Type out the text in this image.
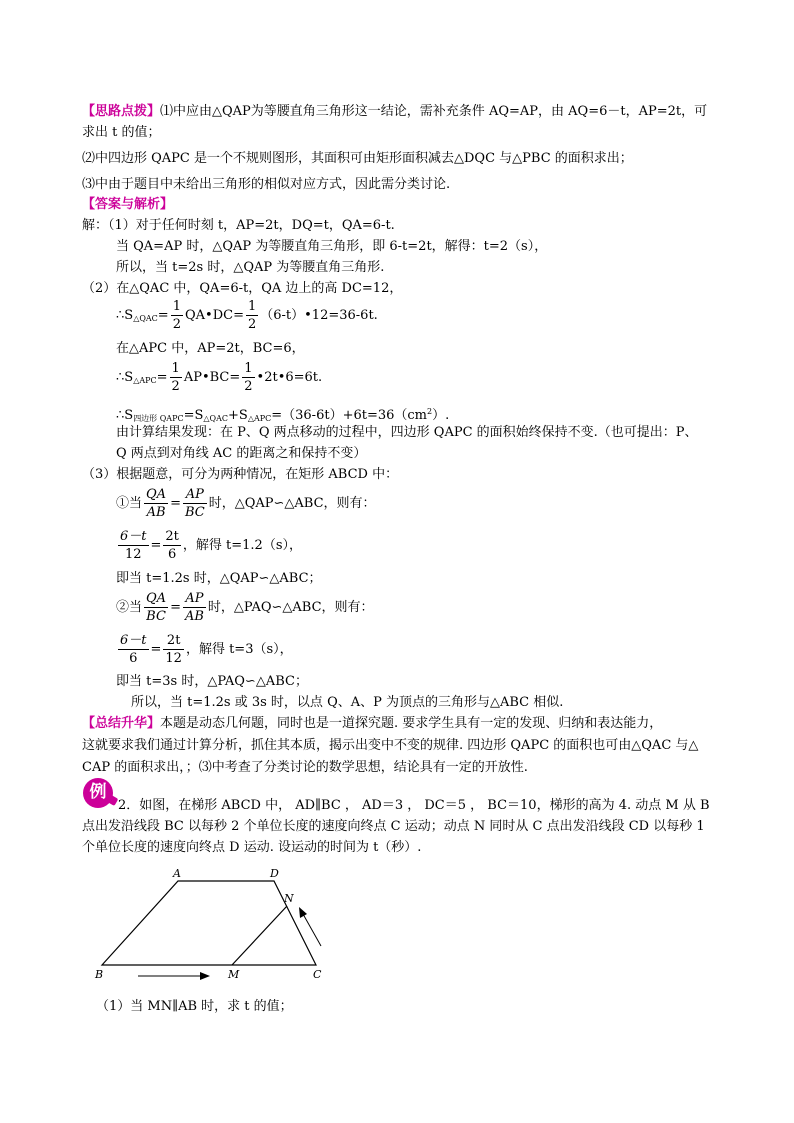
【思路点拨】⑴中应由△QAP为等腰直角三角形这一结论，需补充条件 AQ=AP，由 AQ=6－t，AP=2t，可
求出 t 的值；
⑵中四边形 QAPC 是一个不规则图形，其面积可由矩形面积减去△DQC 与△PBC 的面积求出；
⑶中由于题目中未给出三角形的相似对应方式，因此需分类讨论.
【答案与解析】
解：（1）对于任何时刻 t，AP=2t，DQ=t，QA=6-t.
当 QA=AP 时，△QAP 为等腰直角三角形，即 6-t=2t，解得：t=2（s），
所以，当 t=2s 时，△QAP 为等腰直角三角形.
（2）在△QAC 中，QA=6-t，QA 边上的高 DC=12，
$\therefore S_{\triangle QAC}= \frac{1}{2}$ QA•DC= $\frac{1}{2}$ （6-t）•12=36-6t.
在△APC 中，AP=2t，BC=6，
$\therefore S_{\triangle APC}= \frac{1}{2}$ AP•BC= $\frac{1}{2}$ •2t•6=6t.
$\therefore S_{四边形 QAPC}=S_{\triangle QAC}+S_{\triangle APC}=(36-6t)+6t=36(cm^2)$.
由计算结果发现：在 P、Q 两点移动的过程中，四边形 QAPC 的面积始终保持不变.（也可提出：P、
Q 两点到对角线 AC 的距离之和保持不变）
（3）根据题意，可分为两种情况，在矩形 ABCD 中：
①当 $\frac{QA}{AB} = \frac{AP}{BC}$ 时，△QAP∽△ABC，则有：
$\frac{6-t}{12} = \frac{2t}{6}$ ，解得 t=1.2（s），
即当 t=1.2s 时，△QAP∽△ABC；
②当 $\frac{QA}{BC} = \frac{AP}{AB}$ 时，△PAQ∽△ABC，则有：
$\frac{6-t}{6} = \frac{2t}{12}$ ，解得 t=3（s），
即当 t=3s 时，△PAQ∽△ABC；
所以，当 t=1.2s 或 3s 时，以点 Q、A、P 为顶点的三角形与△ABC 相似.
【总结升华】本题是动态几何题，同时也是一道探究题. 要求学生具有一定的发现、归纳和表达能力，
这就要求我们通过计算分析，抓住其本质，揭示出变中不变的规律. 四边形 QAPC 的面积也可由△QAC 与△
CAP 的面积求出，；⑶中考查了分类讨论的数学思想，结论具有一定的开放性.
例
2．如图，在梯形 ABCD 中， AD∥BC ， AD＝3 ， DC＝5 ， BC＝10，梯形的高为 4. 动点 M 从 B
点出发沿线段 BC 以每秒 2 个单位长度的速度向终点 C 运动；动点 N 同时从 C 点出发沿线段 CD 以每秒 1
个单位长度的速度向终点 D 运动. 设运动的时间为 t（秒）.
A	D
N
B	M	C
（1）当 MN∥AB 时，求 t 的值；
